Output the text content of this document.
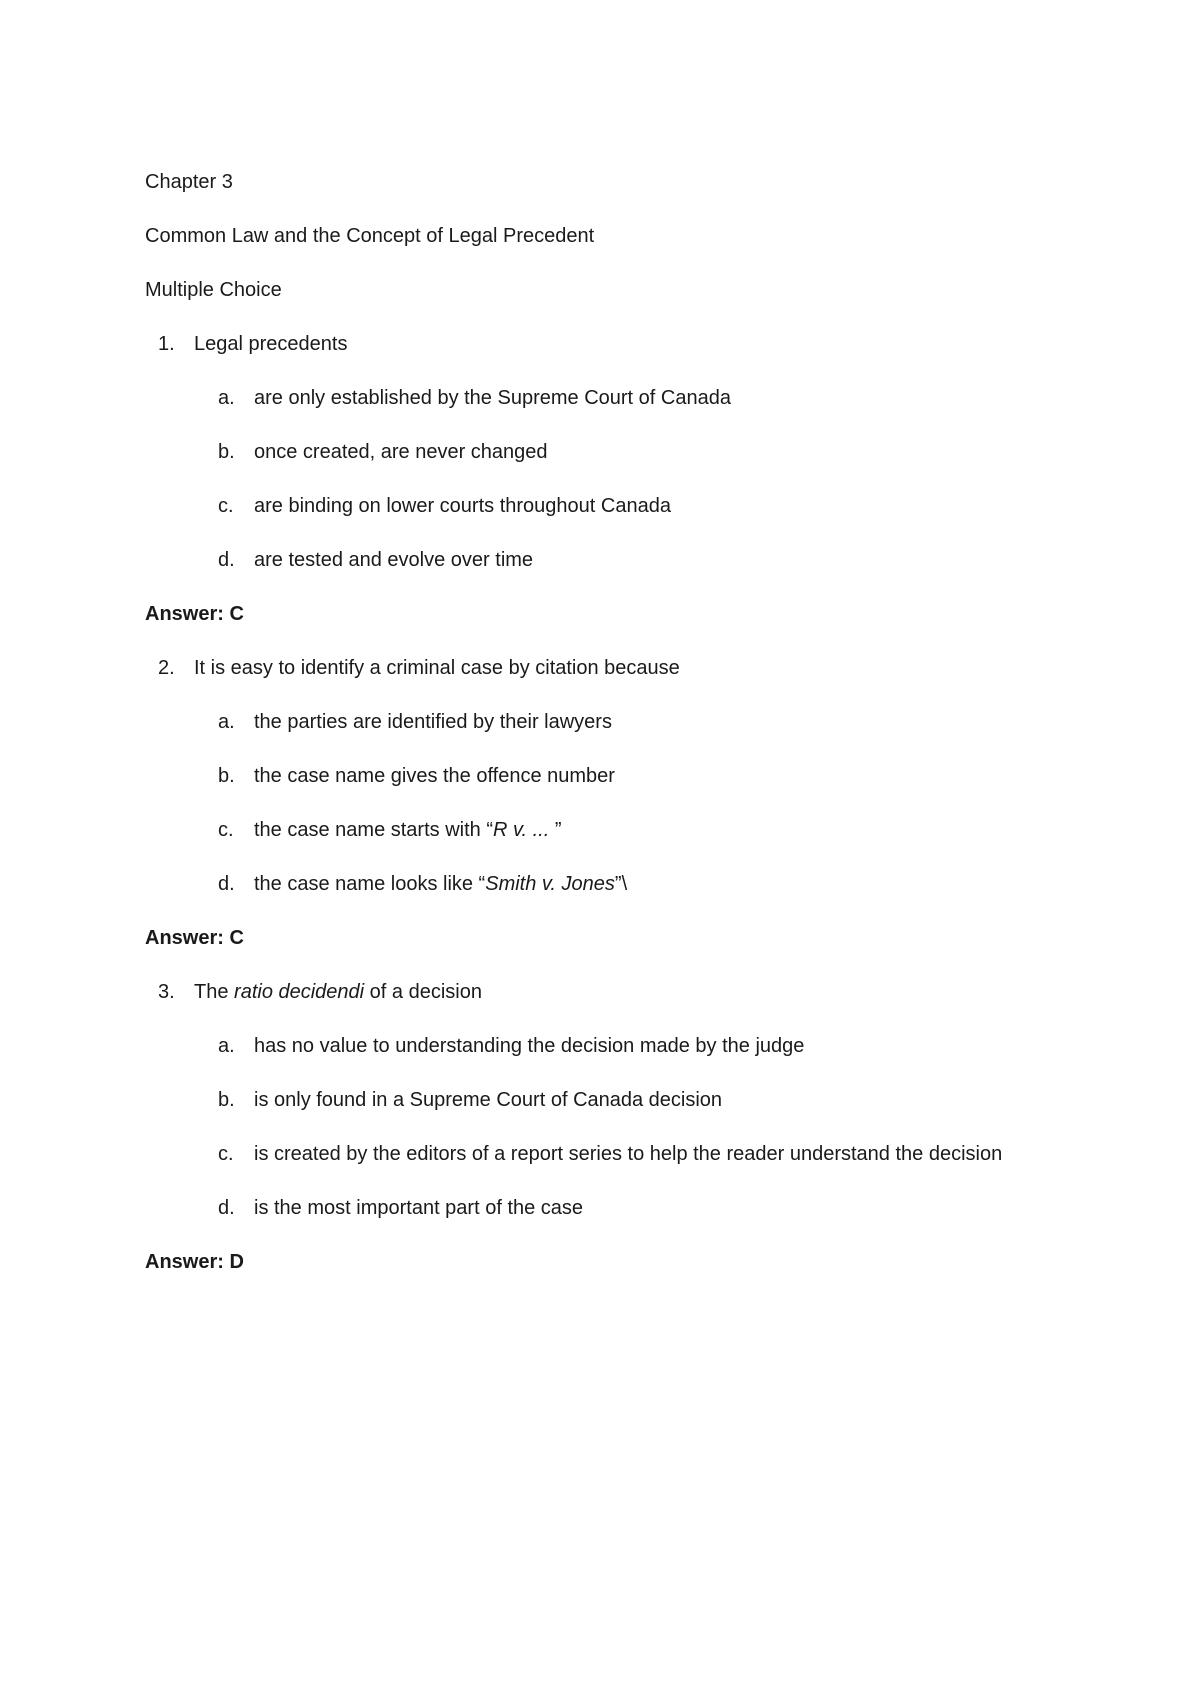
Chapter 3

Common Law and the Concept of Legal Precedent

Multiple Choice

1. Legal precedents

a. are only established by the Supreme Court of Canada

b. once created, are never changed

c. are binding on lower courts throughout Canada

d. are tested and evolve over time

Answer: C

2. It is easy to identify a criminal case by citation because

a. the parties are identified by their lawyers

b. the case name gives the offence number

c. the case name starts with “R v. ... ”

d. the case name looks like “Smith v. Jones”\

Answer: C

3. The ratio decidendi of a decision

a. has no value to understanding the decision made by the judge

b. is only found in a Supreme Court of Canada decision

c. is created by the editors of a report series to help the reader understand the decision

d. is the most important part of the case

Answer: D
